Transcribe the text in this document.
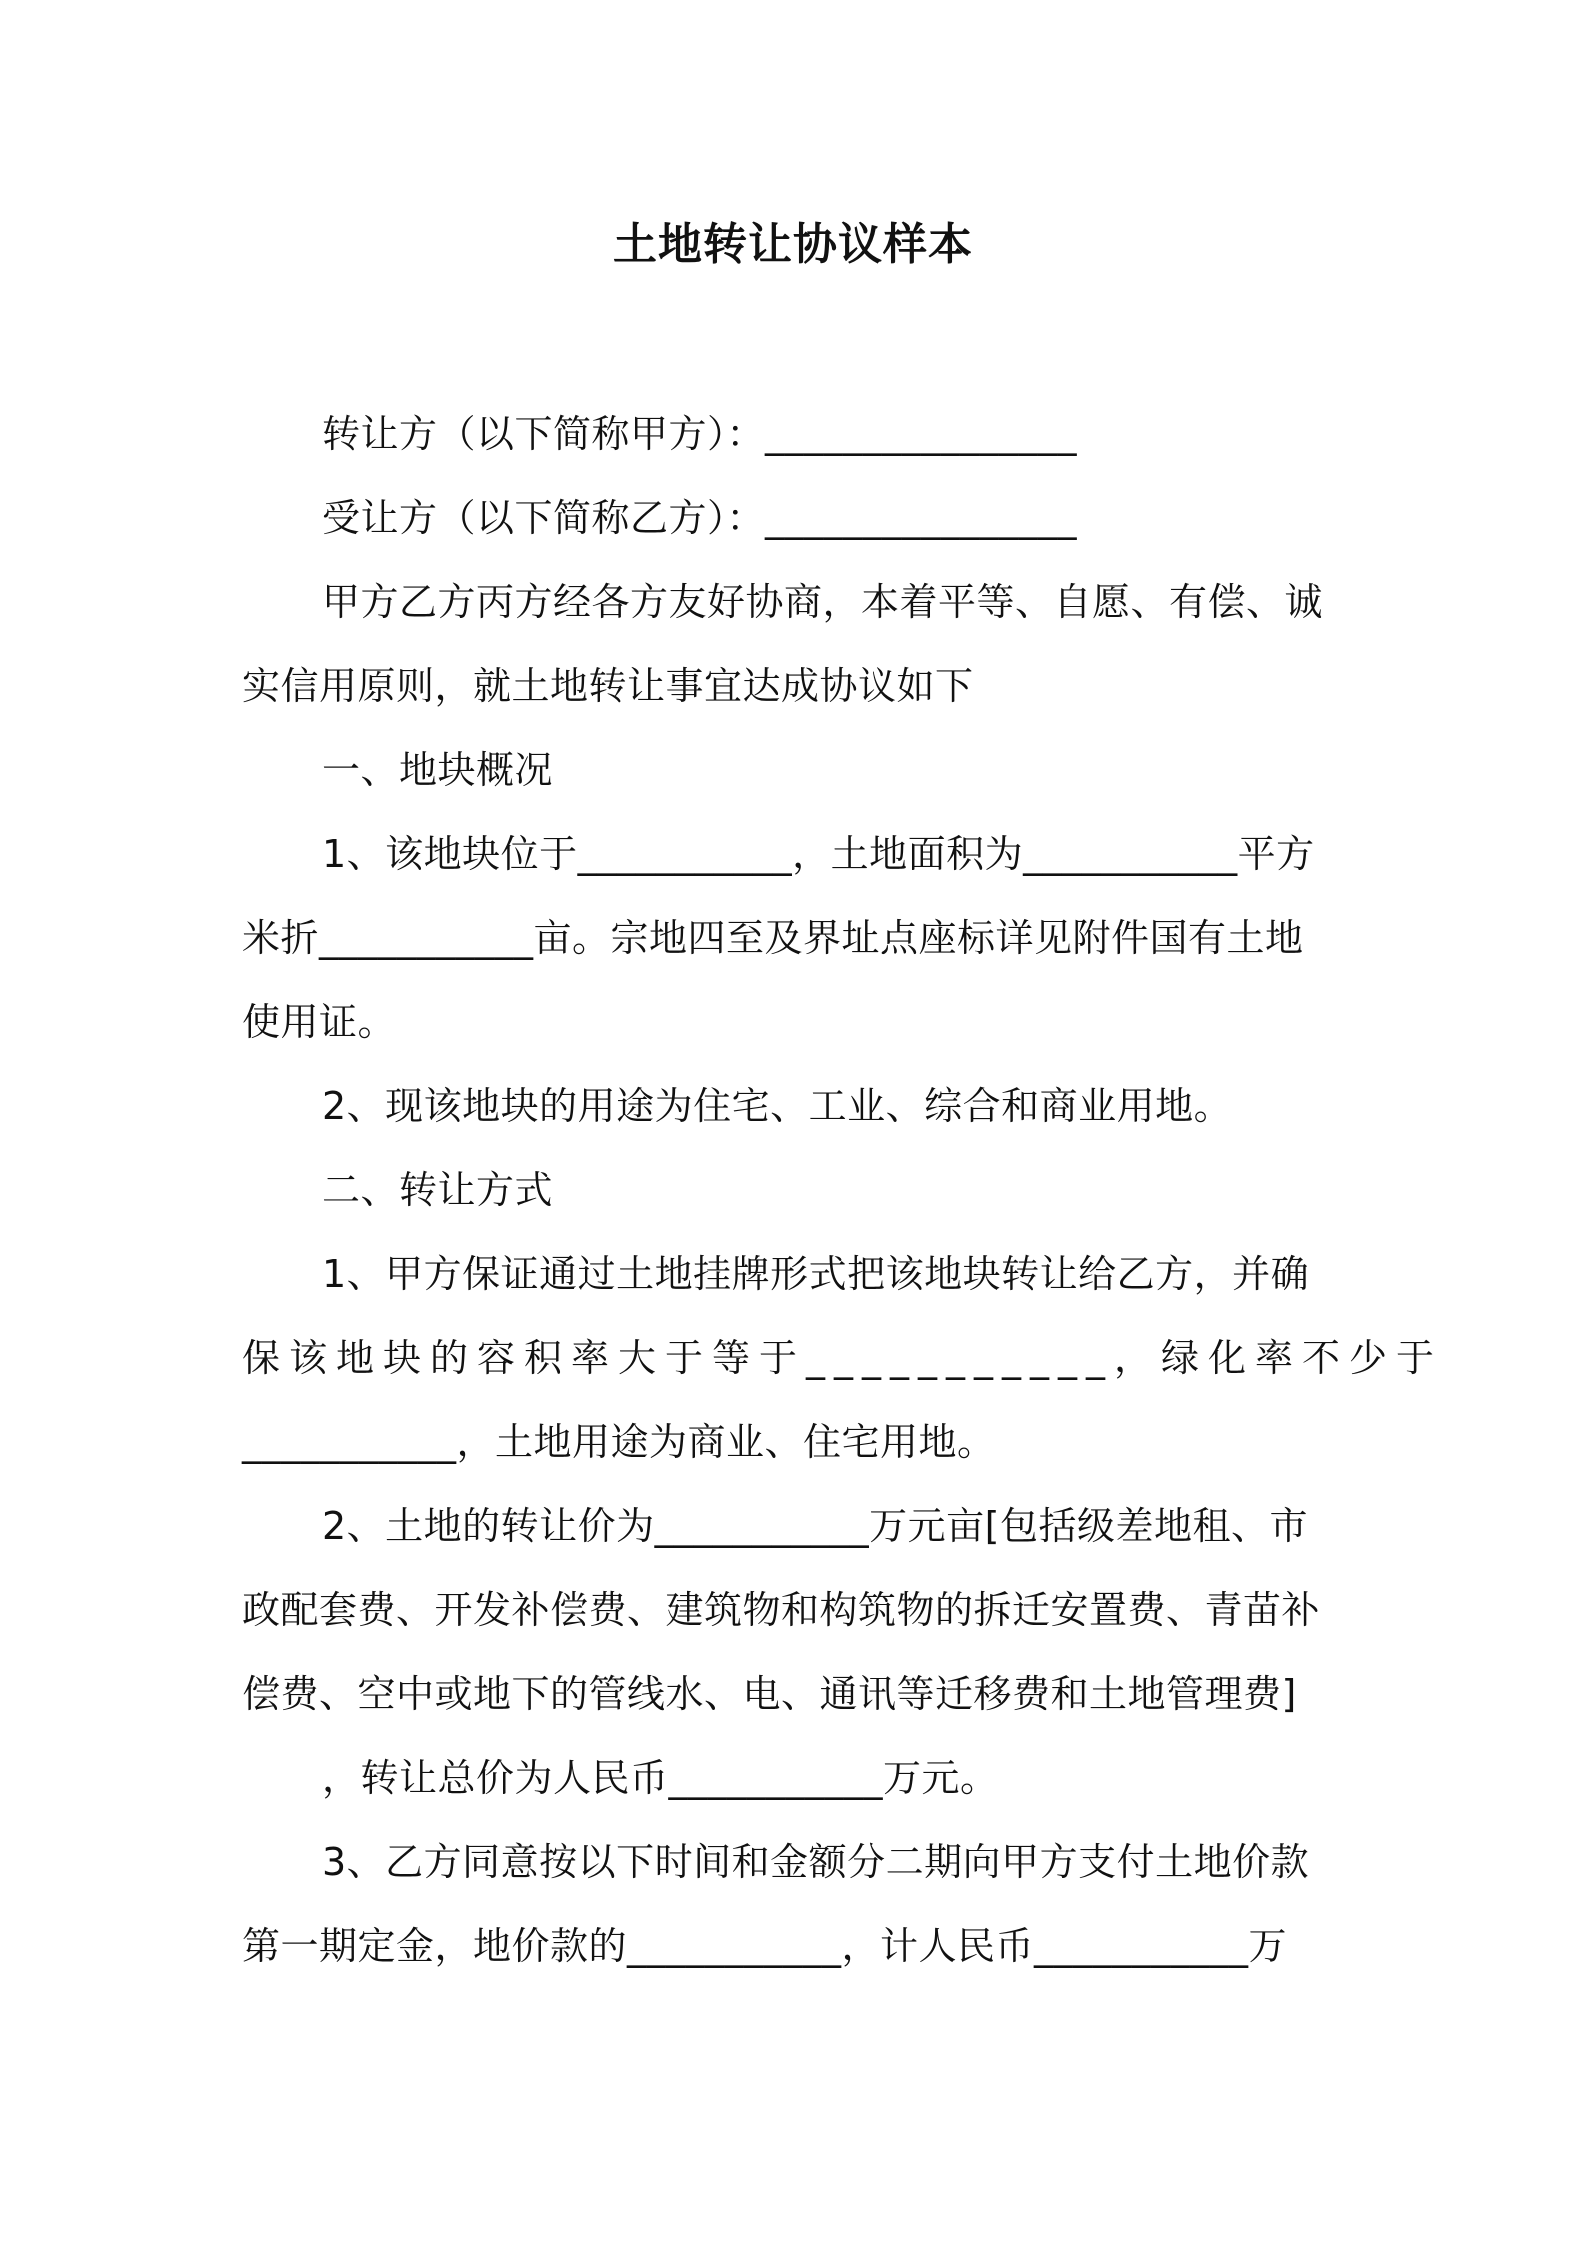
土地转让协议样本
转让方（以下简称甲方）：________________
受让方（以下简称乙方）：________________
甲方乙方丙方经各方友好协商，本着平等、自愿、有偿、诚
实信用原则，就土地转让事宜达成协议如下
一、地块概况
1、该地块位于___________，土地面积为___________平方
米折___________亩。宗地四至及界址点座标详见附件国有土地
使用证。
2、现该地块的用途为住宅、工业、综合和商业用地。
二、转让方式
1、甲方保证通过土地挂牌形式把该地块转让给乙方，并确
保该地块的容积率大于等于___________，绿化率不少于
___________，土地用途为商业、住宅用地。
2、土地的转让价为___________万元亩[包括级差地租、市
政配套费、开发补偿费、建筑物和构筑物的拆迁安置费、青苗补
偿费、空中或地下的管线水、电、通讯等迁移费和土地管理费]
，转让总价为人民币___________万元。
3、乙方同意按以下时间和金额分二期向甲方支付土地价款
第一期定金，地价款的___________，计人民币___________万
